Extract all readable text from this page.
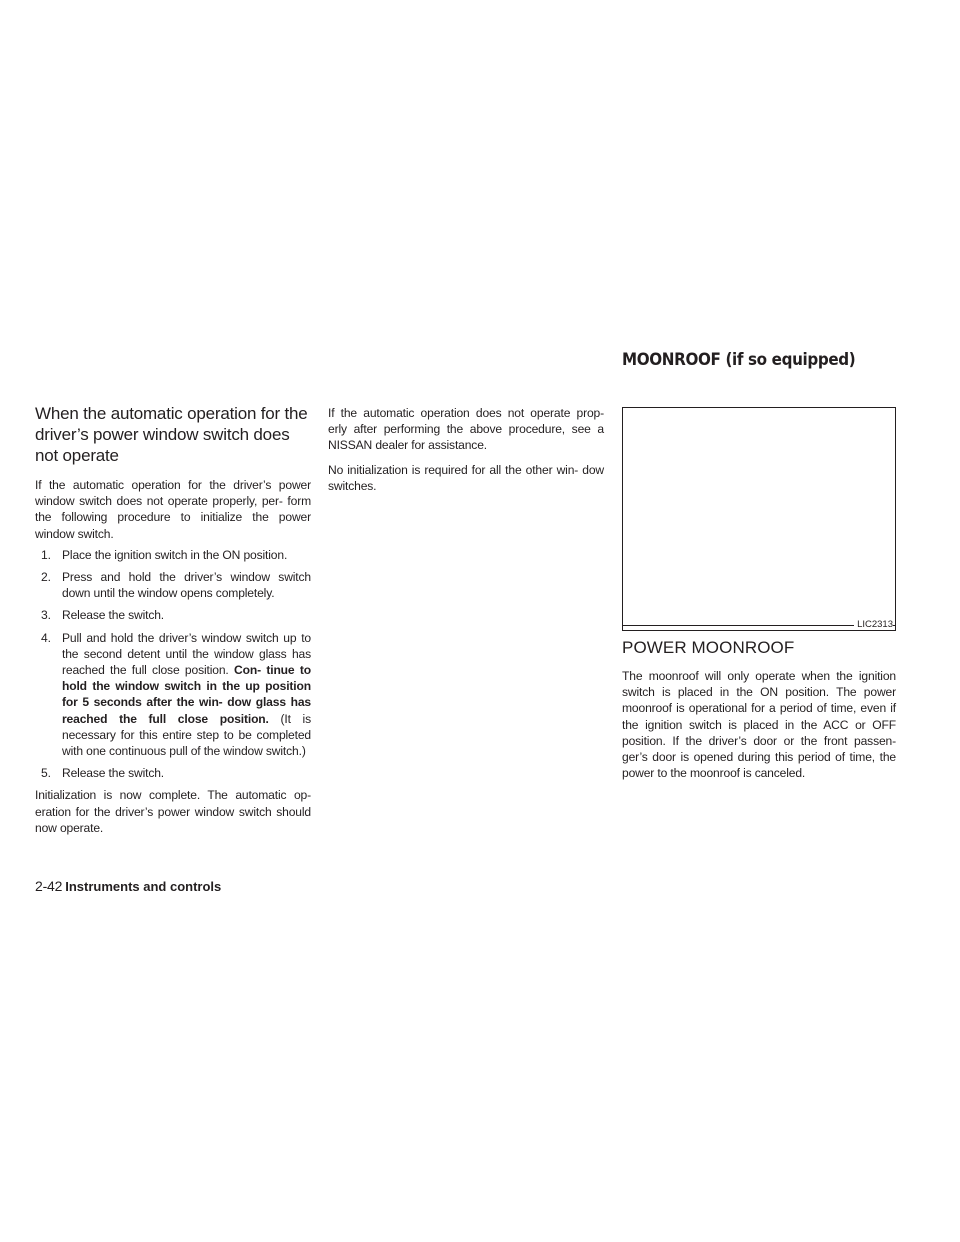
MOONROOF (if so equipped)
When the automatic operation for the driver’s power window switch does not operate

If the automatic operation for the driver’s power window switch does not operate properly, per- form the following procedure to initialize the power window switch.

1. Place the ignition switch in the ON position.
2. Press and hold the driver’s window switch down until the window opens completely.
3. Release the switch.
4. Pull and hold the driver’s window switch up to the second detent until the window glass has reached the full close position. Con- tinue to hold the window switch in the up position for 5 seconds after the win- dow glass has reached the full close position. (It is necessary for this entire step to be completed with one continuous pull of the window switch.)
5. Release the switch.

Initialization is now complete. The automatic op- eration for the driver’s power window switch should now operate.

If the automatic operation does not operate prop- erly after performing the above procedure, see a NISSAN dealer for assistance.

No initialization is required for all the other win- dow switches.

LIC2313
POWER MOONROOF

The moonroof will only operate when the ignition switch is placed in the ON position. The power moonroof is operational for a period of time, even if the ignition switch is placed in the ACC or OFF position. If the driver’s door or the front passen- ger’s door is opened during this period of time, the power to the moonroof is canceled.

2-42 Instruments and controls
